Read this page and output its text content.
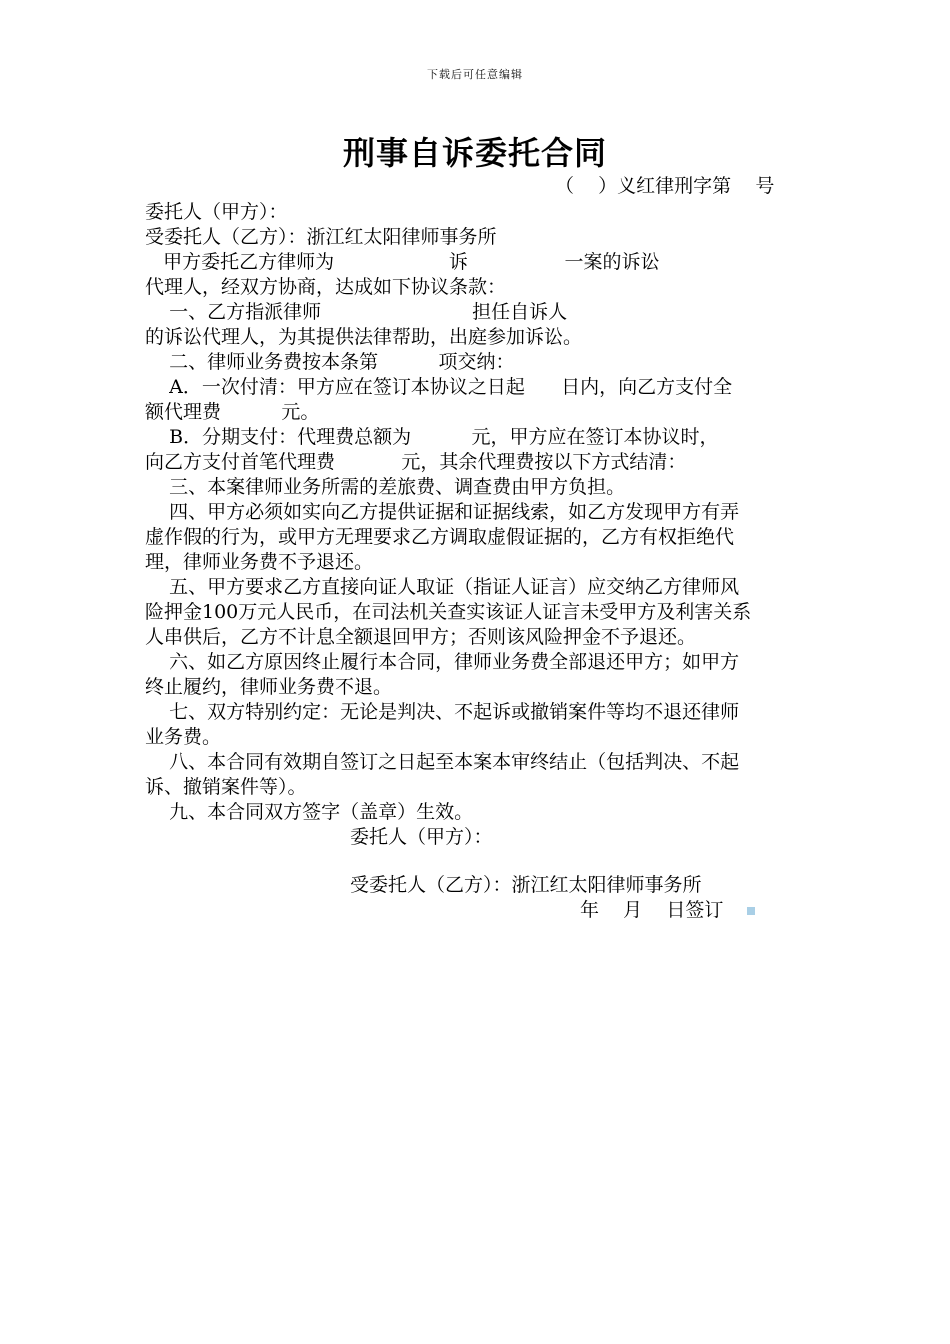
下载后可任意编辑
刑事自诉委托合同
（    ）义红律刑字第    号
委托人（甲方）：
受委托人（乙方）：浙江红太阳律师事务所
甲方委托乙方律师为                   诉                一案的诉讼
代理人，经双方协商，达成如下协议条款：
一、乙方指派律师                         担任自诉人
的诉讼代理人，为其提供法律帮助，出庭参加诉讼。
二、律师业务费按本条第          项交纳：
A．一次付清：甲方应在签订本协议之日起      日内，向乙方支付全
额代理费          元。
B．分期支付：代理费总额为          元，甲方应在签订本协议时，
向乙方支付首笔代理费           元，其余代理费按以下方式结清：
三、本案律师业务所需的差旅费、调查费由甲方负担。
四、甲方必须如实向乙方提供证据和证据线索，如乙方发现甲方有弄
虚作假的行为，或甲方无理要求乙方调取虚假证据的，乙方有权拒绝代
理，律师业务费不予退还。
五、甲方要求乙方直接向证人取证（指证人证言）应交纳乙方律师风
险押金100万元人民币，在司法机关查实该证人证言未受甲方及利害关系
人串供后，乙方不计息全额退回甲方；否则该风险押金不予退还。
六、如乙方原因终止履行本合同，律师业务费全部退还甲方；如甲方
终止履约，律师业务费不退。
七、双方特别约定：无论是判决、不起诉或撤销案件等均不退还律师
业务费。
八、本合同有效期自签订之日起至本案本审终结止（包括判决、不起
诉、撤销案件等）。
九、本合同双方签字（盖章）生效。
委托人（甲方）：
受委托人（乙方）：浙江红太阳律师事务所
年    月    日签订
